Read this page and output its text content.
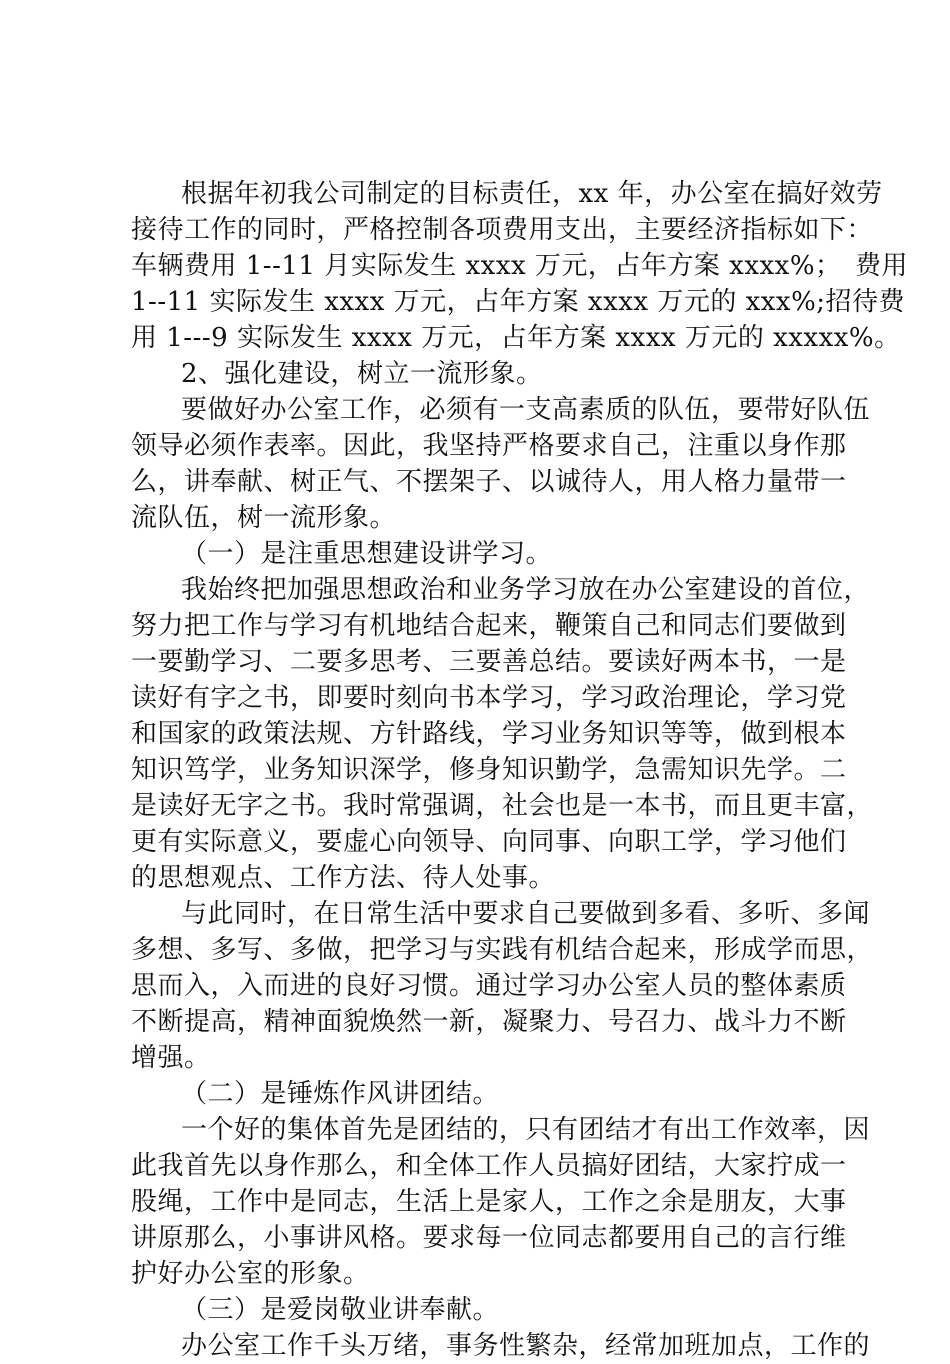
根据年初我公司制定的目标责任，xx 年，办公室在搞好效劳
接待工作的同时，严格控制各项费用支出，主要经济指标如下：
车辆费用 1--11 月实际发生 xxxx 万元，占年方案 xxxx%；　费用
1--11 实际发生 xxxx 万元，占年方案 xxxx 万元的 xxx%;招待费
用 1---9 实际发生 xxxx 万元，占年方案 xxxx 万元的 xxxxx%。
2、强化建设，树立一流形象。
要做好办公室工作，必须有一支高素质的队伍，要带好队伍
领导必须作表率。因此，我坚持严格要求自己，注重以身作那
么，讲奉献、树正气、不摆架子、以诚待人，用人格力量带一
流队伍，树一流形象。
（一）是注重思想建设讲学习。
我始终把加强思想政治和业务学习放在办公室建设的首位，
努力把工作与学习有机地结合起来，鞭策自己和同志们要做到
一要勤学习、二要多思考、三要善总结。要读好两本书，一是
读好有字之书，即要时刻向书本学习，学习政治理论，学习党
和国家的政策法规、方针路线，学习业务知识等等，做到根本
知识笃学，业务知识深学，修身知识勤学，急需知识先学。二
是读好无字之书。我时常强调，社会也是一本书，而且更丰富，
更有实际意义，要虚心向领导、向同事、向职工学，学习他们
的思想观点、工作方法、待人处事。
与此同时，在日常生活中要求自己要做到多看、多听、多闻
多想、多写、多做，把学习与实践有机结合起来，形成学而思，
思而入，入而进的良好习惯。通过学习办公室人员的整体素质
不断提高，精神面貌焕然一新，凝聚力、号召力、战斗力不断
增强。
（二）是锤炼作风讲团结。
一个好的集体首先是团结的，只有团结才有出工作效率，因
此我首先以身作那么，和全体工作人员搞好团结，大家拧成一
股绳，工作中是同志，生活上是家人，工作之余是朋友，大事
讲原那么，小事讲风格。要求每一位同志都要用自己的言行维
护好办公室的形象。
（三）是爱岗敬业讲奉献。
办公室工作千头万绪，事务性繁杂，经常加班加点，工作的
